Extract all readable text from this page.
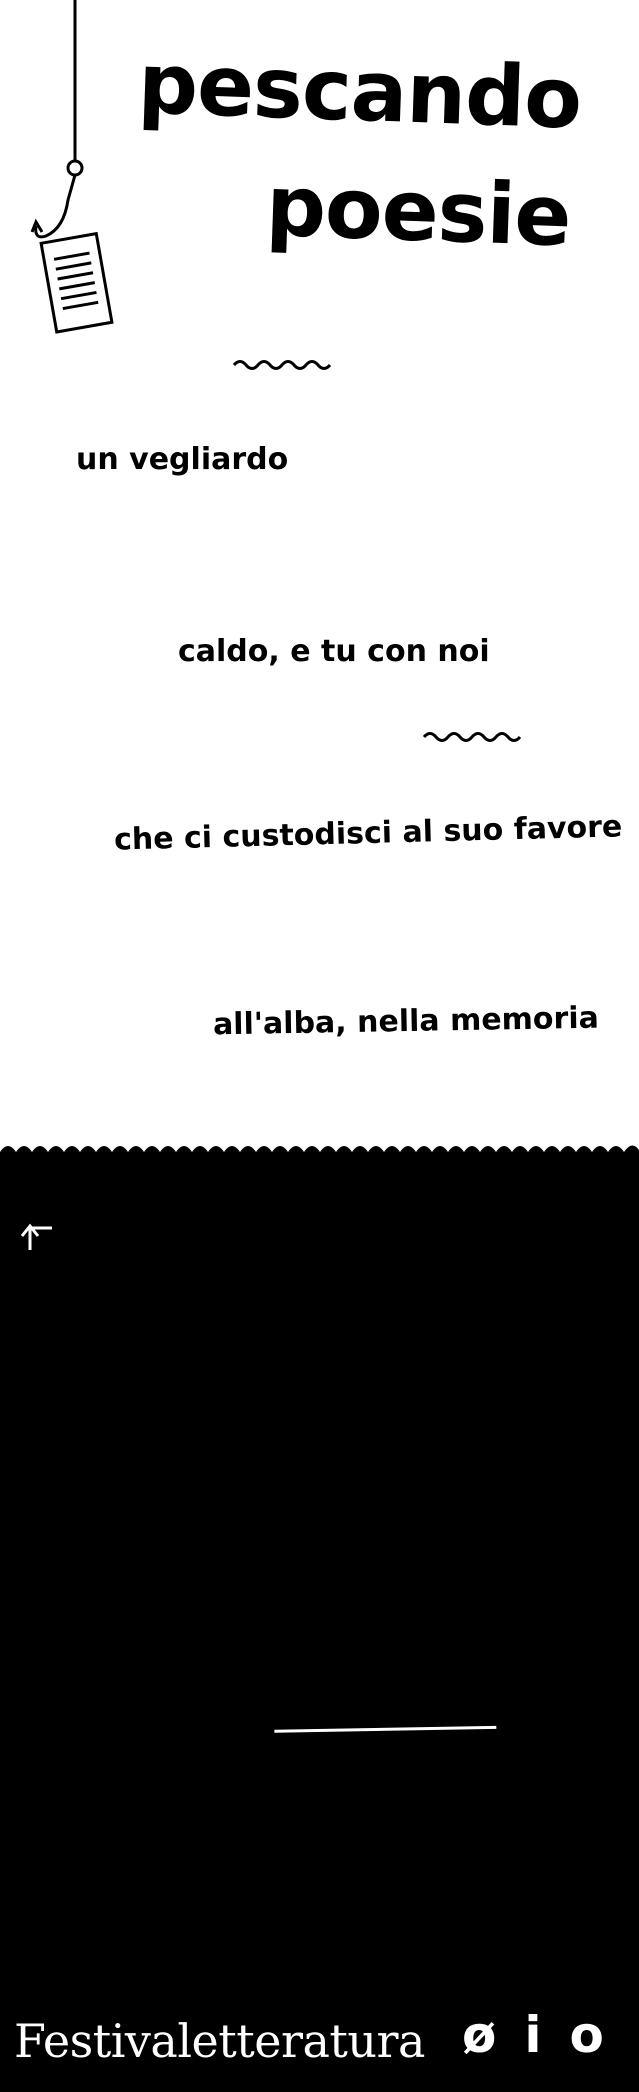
pescando
poesie
un vegliardo
caldo, e tu con noi
che ci custodisci al suo favore
all'alba, nella memoria
Questi versi non sono scritti da un
essere umano, bensì dal lago di
Mantova. Con l’intelligenza artificiale
abbiamo insegnato ai laghi a scrivere
trasformando dati ambientali
in poesia.
Questa fu scritta il giorno 4 Luglio alle
1:0. La temperatura era di 27.28°,
mentre la Clorofilla A era 36.8 ug/l
e il pH 7.82. Questi valori hanno ispirato il
lago nella scrittura della poesia.
Com’è possibile?
Leggilo sul sito → oio.studio/pesca
Pescando Poesie è un progetto di
Matteo Loglio con oio per
Edizioni Corraini, durante il
Festivaletteratura 2021.
I dati sono forniti dal CNR.
Festivaletteratura øio
